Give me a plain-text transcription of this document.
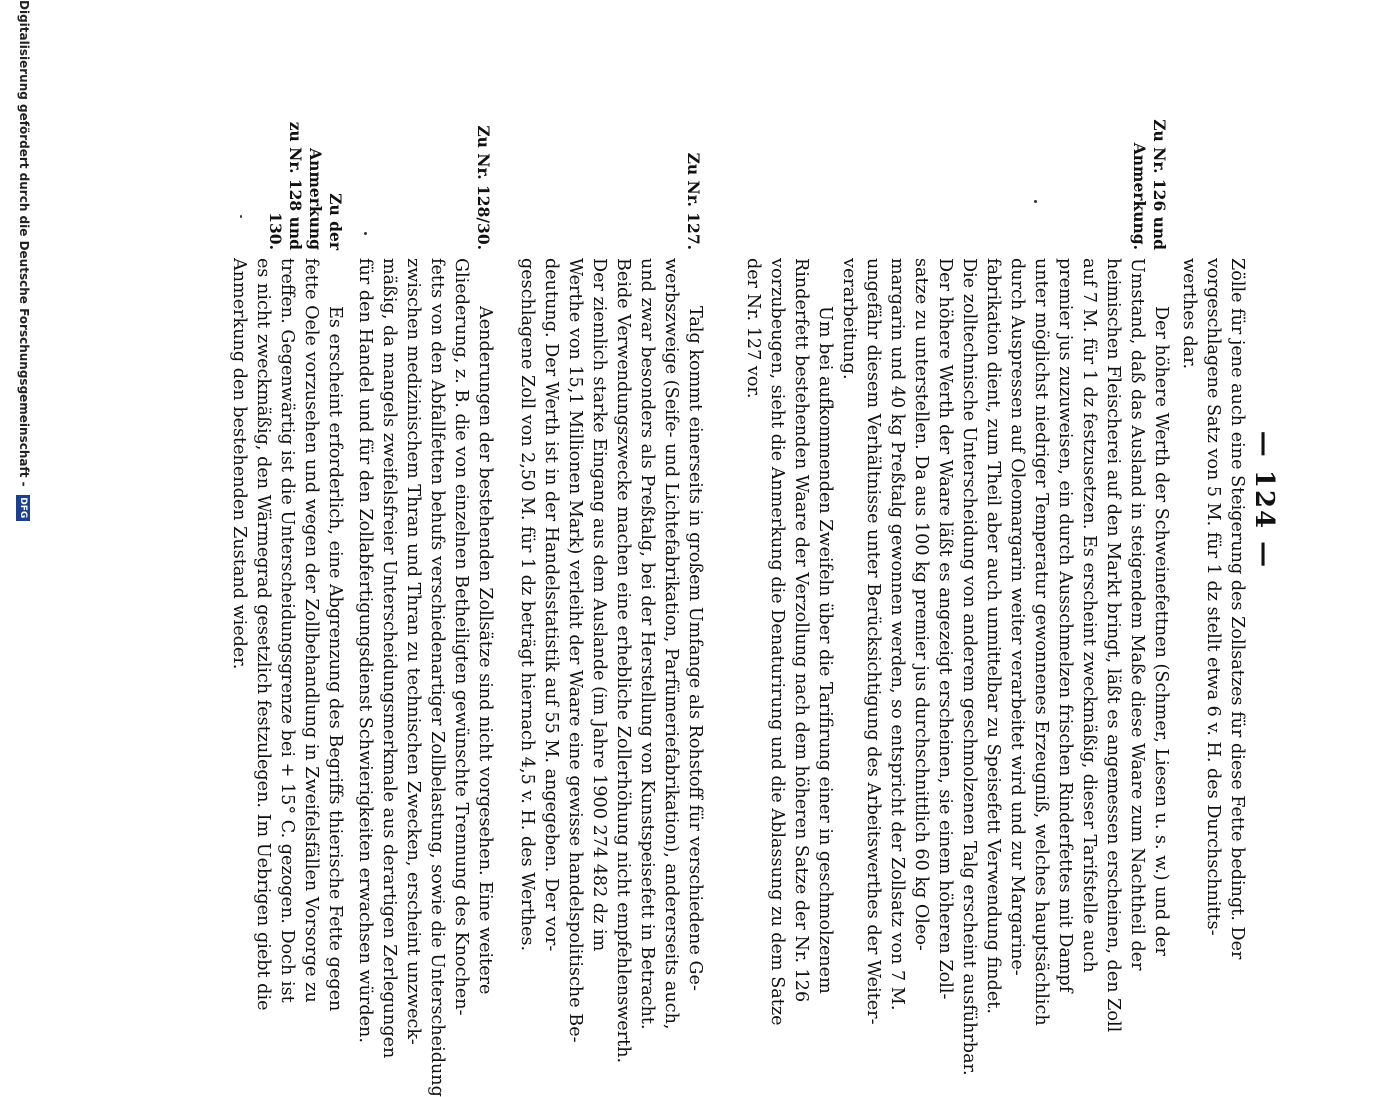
— 124 —
Zölle für jene auch eine Steigerung des Zollsatzes für diese Fette bedingt. Der
vorgeschlagene Satz von 5 M. für 1 dz stellt etwa 6 v. H. des Durchschnitts-
werthes dar.
Der höhere Werth der Schweinefettnen (Schmer, Liesen u. s. w.) und der
Umstand, daß das Ausland in steigendem Maße diese Waare zum Nachtheil der
heimischen Fleischerei auf den Markt bringt, läßt es angemessen erscheinen, den Zoll
auf 7 M. für 1 dz festzusetzen. Es erscheint zweckmäßig, dieser Tarifstelle auch
premier jus zuzuweisen, ein durch Ausschmelzen frischen Rinderfettes mit Dampf
unter möglichst niedriger Temperatur gewonnenes Erzeugniß, welches hauptsächlich
durch Auspressen auf Oleomargarin weiter verarbeitet wird und zur Margarine-
fabrikation dient, zum Theil aber auch unmittelbar zu Speisefett Verwendung findet.
Die zolltechnische Unterscheidung von anderem geschmolzenen Talg erscheint ausführbar.
Der höhere Werth der Waare läßt es angezeigt erscheinen, sie einem höheren Zoll-
satze zu unterstellen. Da aus 100 kg premier jus durchschnittlich 60 kg Oleo-
margarin und 40 kg Preßtalg gewonnen werden, so entspricht der Zollsatz von 7 M.
ungefähr diesem Verhältnisse unter Berücksichtigung des Arbeitswerthes der Weiter-
verarbeitung.
Zu Nr. 126 und
Anmerkung.
Um bei aufkommenden Zweifeln über die Tarifirung einer in geschmolzenem
Rinderfett bestehenden Waare der Verzollung nach dem höheren Satze der Nr. 126
vorzubeugen, sieht die Anmerkung die Denaturirung und die Ablassung zu dem Satze
der Nr. 127 vor.
Talg kommt einerseits in großem Umfange als Rohstoff für verschiedene Ge-
werbszweige (Seife- und Lichtefabrikation, Parfümeriefabrikation), andererseits auch,
und zwar besonders als Preßtalg, bei der Herstellung von Kunstspeisefett in Betracht.
Beide Verwendungszwecke machen eine erhebliche Zollerhöhung nicht empfehlenswerth.
Der ziemlich starke Eingang aus dem Auslande (im Jahre 1900 274 482 dz im
Werthe von 15,1 Millionen Mark) verleiht der Waare eine gewisse handelspolitische Be-
deutung. Der Werth ist in der Handelsstatistik auf 55 M. angegeben. Der vor-
geschlagene Zoll von 2,50 M. für 1 dz beträgt hiernach 4,5 v. H. des Werthes.
Zu Nr. 127.
Aenderungen der bestehenden Zollsätze sind nicht vorgesehen. Eine weitere
Gliederung, z. B. die von einzelnen Betheiligten gewünschte Trennung des Knochen-
fetts von den Abfallfetten behufs verschiedenartiger Zollbelastung, sowie die Unterscheidung
zwischen medizinischem Thran und Thran zu technischen Zwecken, erscheint unzweck-
mäßig, da mangels zweifelsfreier Unterscheidungsmerkmale aus derartigen Zerlegungen
für den Handel und für den Zollabfertigungsdienst Schwierigkeiten erwachsen würden.
Zu Nr. 128/30.
Es erscheint erforderlich, eine Abgrenzung des Begriffs thierische Fette gegen
fette Oele vorzusehen und wegen der Zollbehandlung in Zweifelsfällen Vorsorge zu
treffen. Gegenwärtig ist die Unterscheidungsgrenze bei + 15° C. gezogen. Doch ist
es nicht zweckmäßig, den Wärmegrad gesetzlich festzulegen. Im Uebrigen giebt die
Anmerkung den bestehenden Zustand wieder.
Zu der Anmerkung
zu Nr. 128 und 130.
Digitalisierung gefördert durch die Deutsche Forschungsgemeinschaft - DFG
